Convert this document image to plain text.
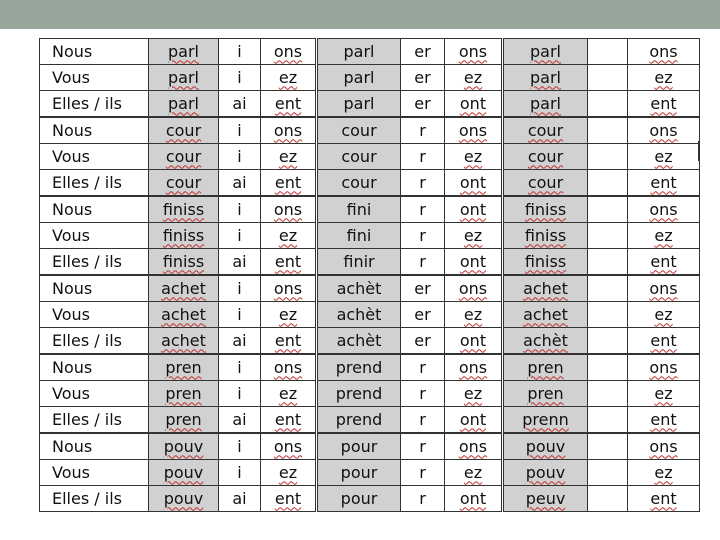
Nous	parl	i	ons	parl	er	ons	parl		ons
Vous	parl	i	ez	parl	er	ez	parl		ez
Elles / ils	parl	ai	ent	parl	er	ont	parl		ent
Nous	cour	i	ons	cour	r	ons	cour		ons
Vous	cour	i	ez	cour	r	ez	cour		ez
Elles / ils	cour	ai	ent	cour	r	ont	cour		ent
Nous	finiss	i	ons	fini	r	ont	finiss		ons
Vous	finiss	i	ez	fini	r	ez	finiss		ez
Elles / ils	finiss	ai	ent	finir	r	ont	finiss		ent
Nous	achet	i	ons	achèt	er	ons	achet		ons
Vous	achet	i	ez	achèt	er	ez	achet		ez
Elles / ils	achet	ai	ent	achèt	er	ont	achèt		ent
Nous	pren	i	ons	prend	r	ons	pren		ons
Vous	pren	i	ez	prend	r	ez	pren		ez
Elles / ils	pren	ai	ent	prend	r	ont	prenn		ent
Nous	pouv	i	ons	pour	r	ons	pouv		ons
Vous	pouv	i	ez	pour	r	ez	pouv		ez
Elles / ils	pouv	ai	ent	pour	r	ont	peuv		ent
